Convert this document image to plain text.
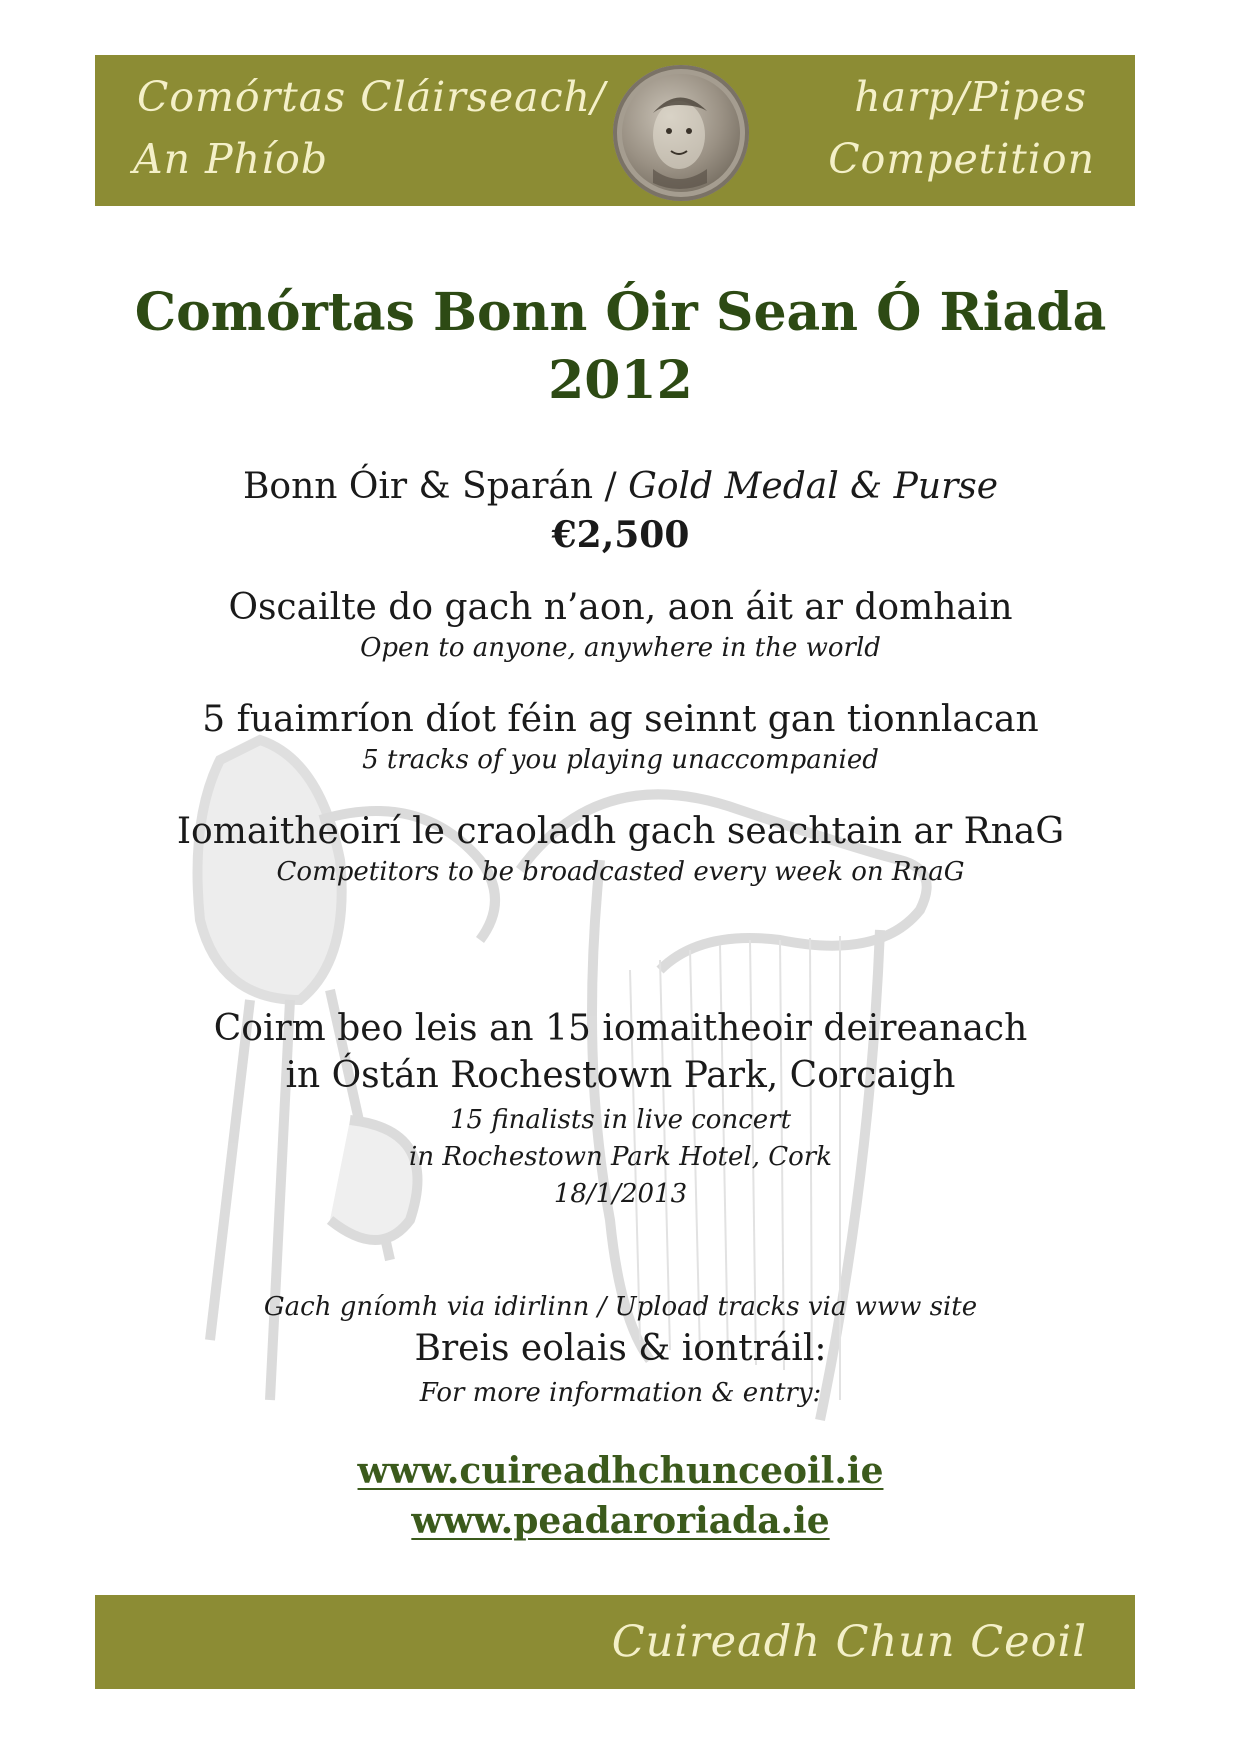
Comórtas Cláirseach/
An Phíob
harp/Pipes
Competition
Comórtas Bonn Óir Sean Ó Riada
2012
Bonn Óir & Sparán / Gold Medal & Purse
€2,500
Oscailte do gach n’aon, aon áit ar domhain
Open to anyone, anywhere in the world
5 fuaimríon díot féin ag seinnt gan tionnlacan
5 tracks of you playing unaccompanied
Iomaitheoirí le craoladh gach seachtain ar RnaG
Competitors to be broadcasted every week on RnaG
Coirm beo leis an 15 iomaitheoir deireanach
in Óstán Rochestown Park, Corcaigh
15 finalists in live concert
in Rochestown Park Hotel, Cork
18/1/2013
Gach gníomh via idirlinn / Upload tracks via www site
Breis eolais & iontráil:
For more information & entry:
www.cuireadhchunceoil.ie
www.peadaroriada.ie
Cuireadh Chun Ceoil
